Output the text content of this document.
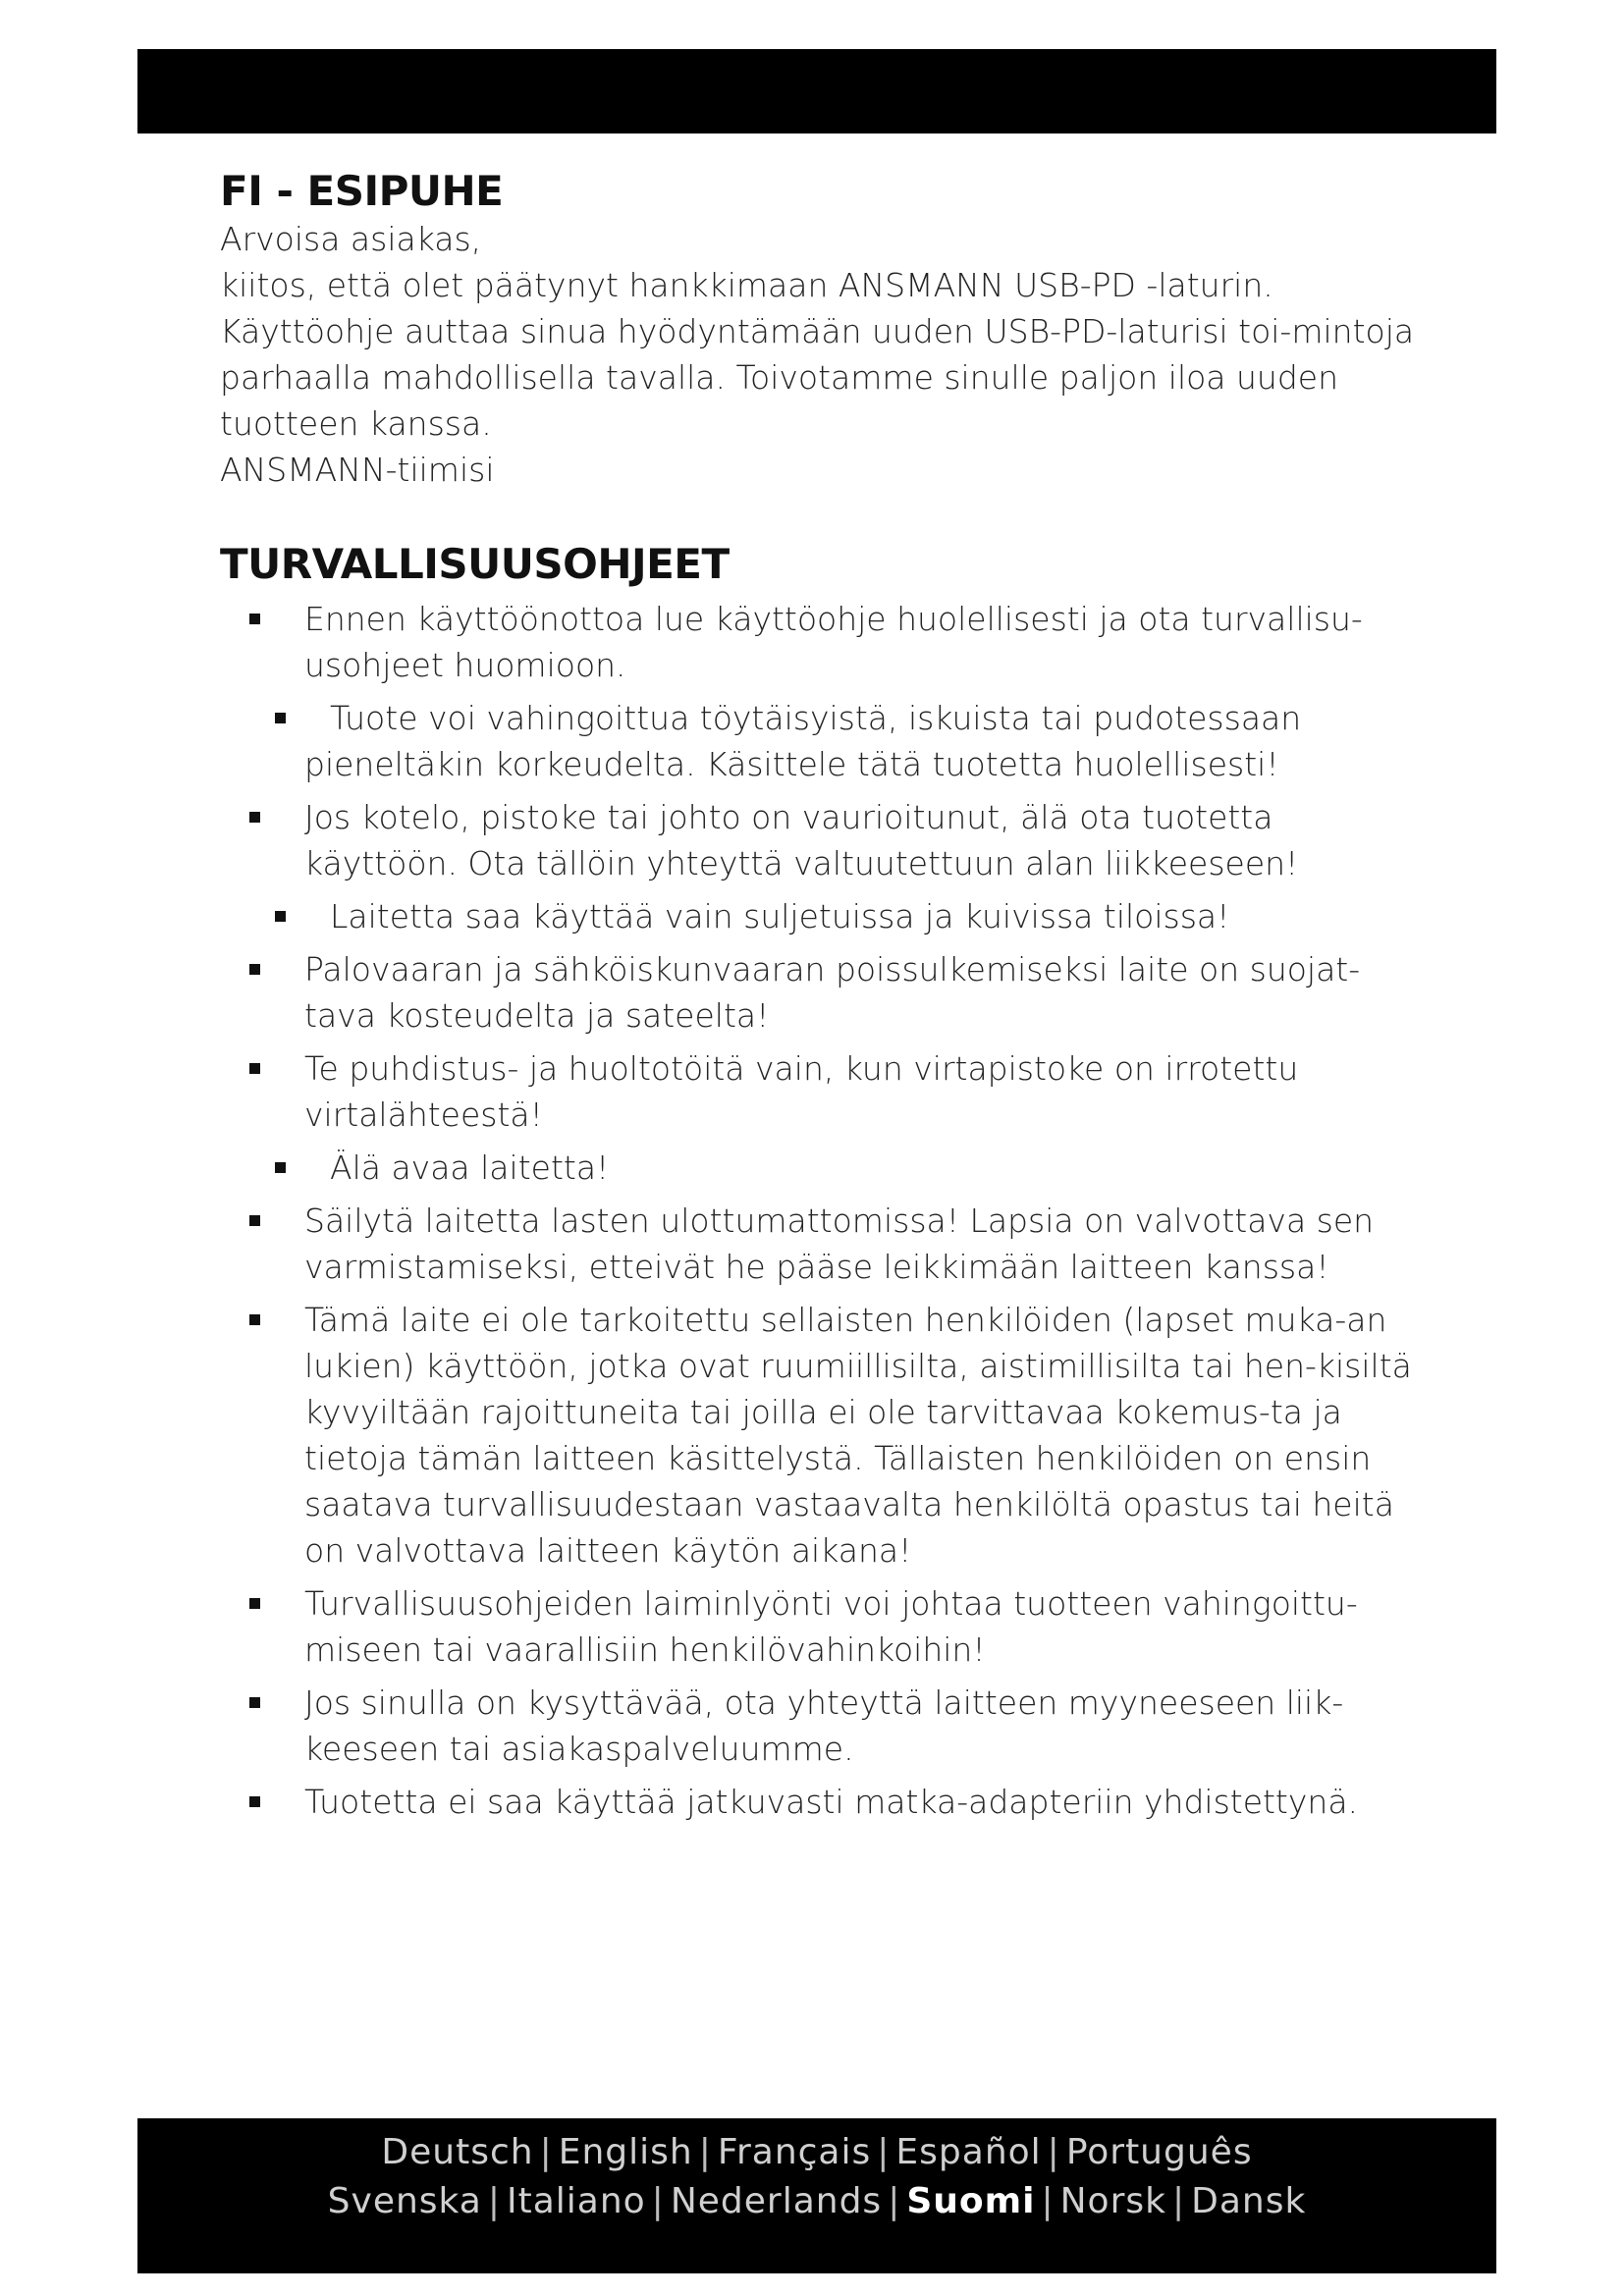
FI - ESIPUHE

Arvoisa asiakas,

kiitos, että olet päätynyt hankkimaan ANSMANN USB-PD -laturin. Käyttöohje auttaa sinua hyödyntämään uuden USB-PD-laturisi toi-mintoja parhaalla mahdollisella tavalla. Toivotamme sinulle paljon iloa uuden tuotteen kanssa.

ANSMANN-tiimisi

TURVALLISUUSOHJEET
Ennen käyttöönottoa lue käyttöohje huolellisesti ja ota turvallisu-usohjeet huomioon.
Tuote voi vahingoittua töytäisyistä, iskuista tai pudotessaan pieneltäkin korkeudelta. Käsittele tätä tuotetta huolellisesti!
Jos kotelo, pistoke tai johto on vaurioitunut, älä ota tuotetta käyttöön. Ota tällöin yhteyttä valtuutettuun alan liikkeeseen!
Laitetta saa käyttää vain suljetuissa ja kuivissa tiloissa!
Palovaaran ja sähköiskunvaaran poissulkemiseksi laite on suojat-tava kosteudelta ja sateelta!
Te puhdistus- ja huoltotöitä vain, kun virtapistoke on irrotettu virtalähteestä!
Älä avaa laitetta!
Säilytä laitetta lasten ulottumattomissa! Lapsia on valvottava sen varmistamiseksi, etteivät he pääse leikkimään laitteen kanssa!
Tämä laite ei ole tarkoitettu sellaisten henkilöiden (lapset muka-an lukien) käyttöön, jotka ovat ruumiillisilta, aistimillisilta tai hen-kisiltä kyvyiltään rajoittuneita tai joilla ei ole tarvittavaa kokemus-ta ja tietoja tämän laitteen käsittelystä. Tällaisten henkilöiden on ensin saatava turvallisuudestaan vastaavalta henkilöltä opastus tai heitä on valvottava laitteen käytön aikana!
Turvallisuusohjeiden laiminlyönti voi johtaa tuotteen vahingoittu-miseen tai vaarallisiin henkilövahinkoihin!
Jos sinulla on kysyttävää, ota yhteyttä laitteen myyneeseen liik-keeseen tai asiakaspalveluumme.
Tuotetta ei saa käyttää jatkuvasti matka-adapteriin yhdistettynä.
Deutsch | English | Français | Español | Português
Svenska | Italiano | Nederlands | Suomi | Norsk | Dansk
